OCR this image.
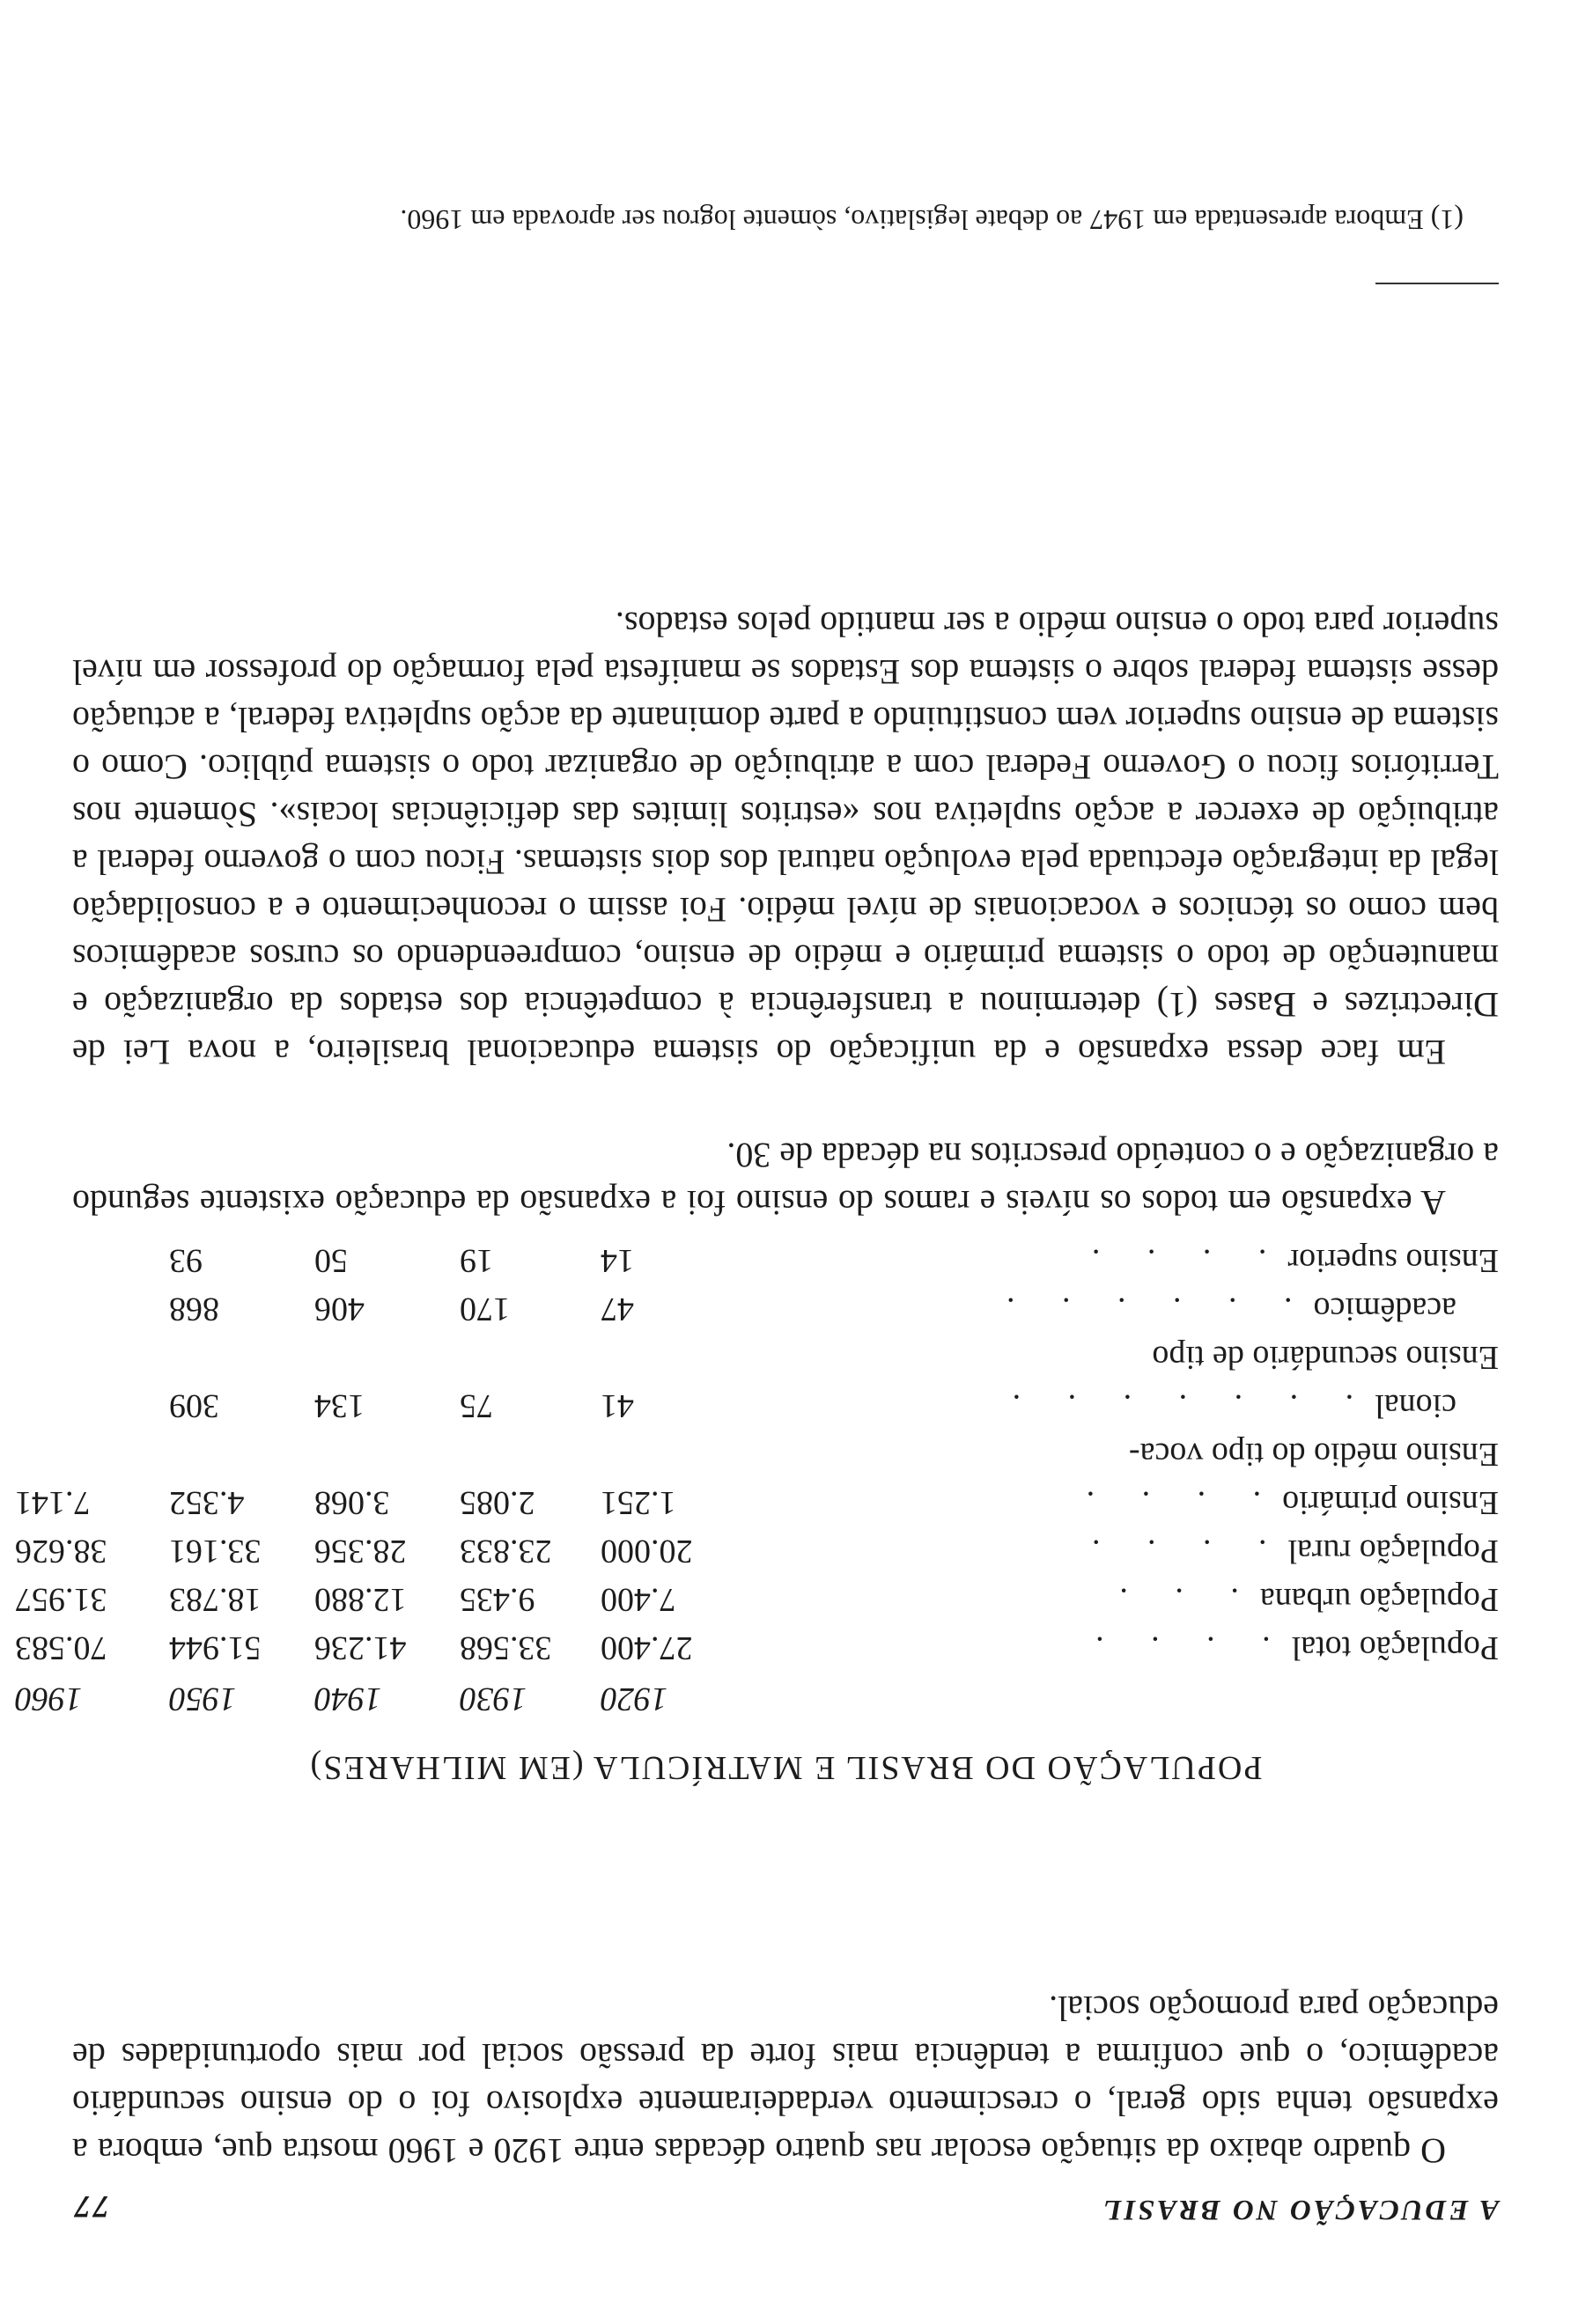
A EDUCAÇÃO NO BRASIL
77

O quadro abaixo da situação escolar nas quatro décadas entre 1920 e 1960 mostra que, embora a expansão tenha sido geral, o crescimento verdadeiramente explosivo foi o do ensino secundário acadêmico, o que confirma a tendência mais forte da pressão social por mais oportunidades de educação para promoção social.

POPULAÇÃO DO BRASIL E MATRÍCULA (EM MILHARES)
1920
1930
1940
1950
1960
População total. . . .
27.400
33.568
41.236
51.944
70.583
População urbana. . .
7.400
9.435
12.880
18.783
31.957
População rural. . . .
20.000
23.833
28.356
33.161
38.626
Ensino primário. . . .
1.251
2.085
3.068
4.352
7.141
Ensino médio do tipo voca-
cional. . . . . . .
41
75
134
309
Ensino secundário de tipo
acadêmico. . . . . .
47
170
406
868
Ensino superior. . . .
14
19
50
93

A expansão em todos os níveis e ramos do ensino foi a expansão da educação existente segundo a organização e o conteúdo prescritos na década de 30.

Em face dessa expansão e da unificação do sistema educacional brasileiro, a nova Lei de Directrizes e Bases (1) determinou a transferência à competência dos estados da organização e manutenção de todo o sistema primário e médio de ensino, compreendendo os cursos acadêmicos bem como os técnicos e vocacionais de nível médio. Foi assim o reconhecimento e a consolidação legal da integração efectuada pela evolução natural dos dois sistemas. Ficou com o governo federal a atribuição de exercer a acção supletiva nos «estritos limites das deficiências locais». Sòmente nos Territórios ficou o Governo Federal com a atribuição de organizar todo o sistema público. Como o sistema de ensino superior vem constituindo a parte dominante da acção supletiva federal, a actuação desse sistema federal sobre o sistema dos Estados se manifesta pela formação do professor em nível superior para todo o ensino médio a ser mantido pelos estados.

(1) Embora apresentada em 1947 ao debate legislativo, sòmente logrou ser aprovada em 1960.
